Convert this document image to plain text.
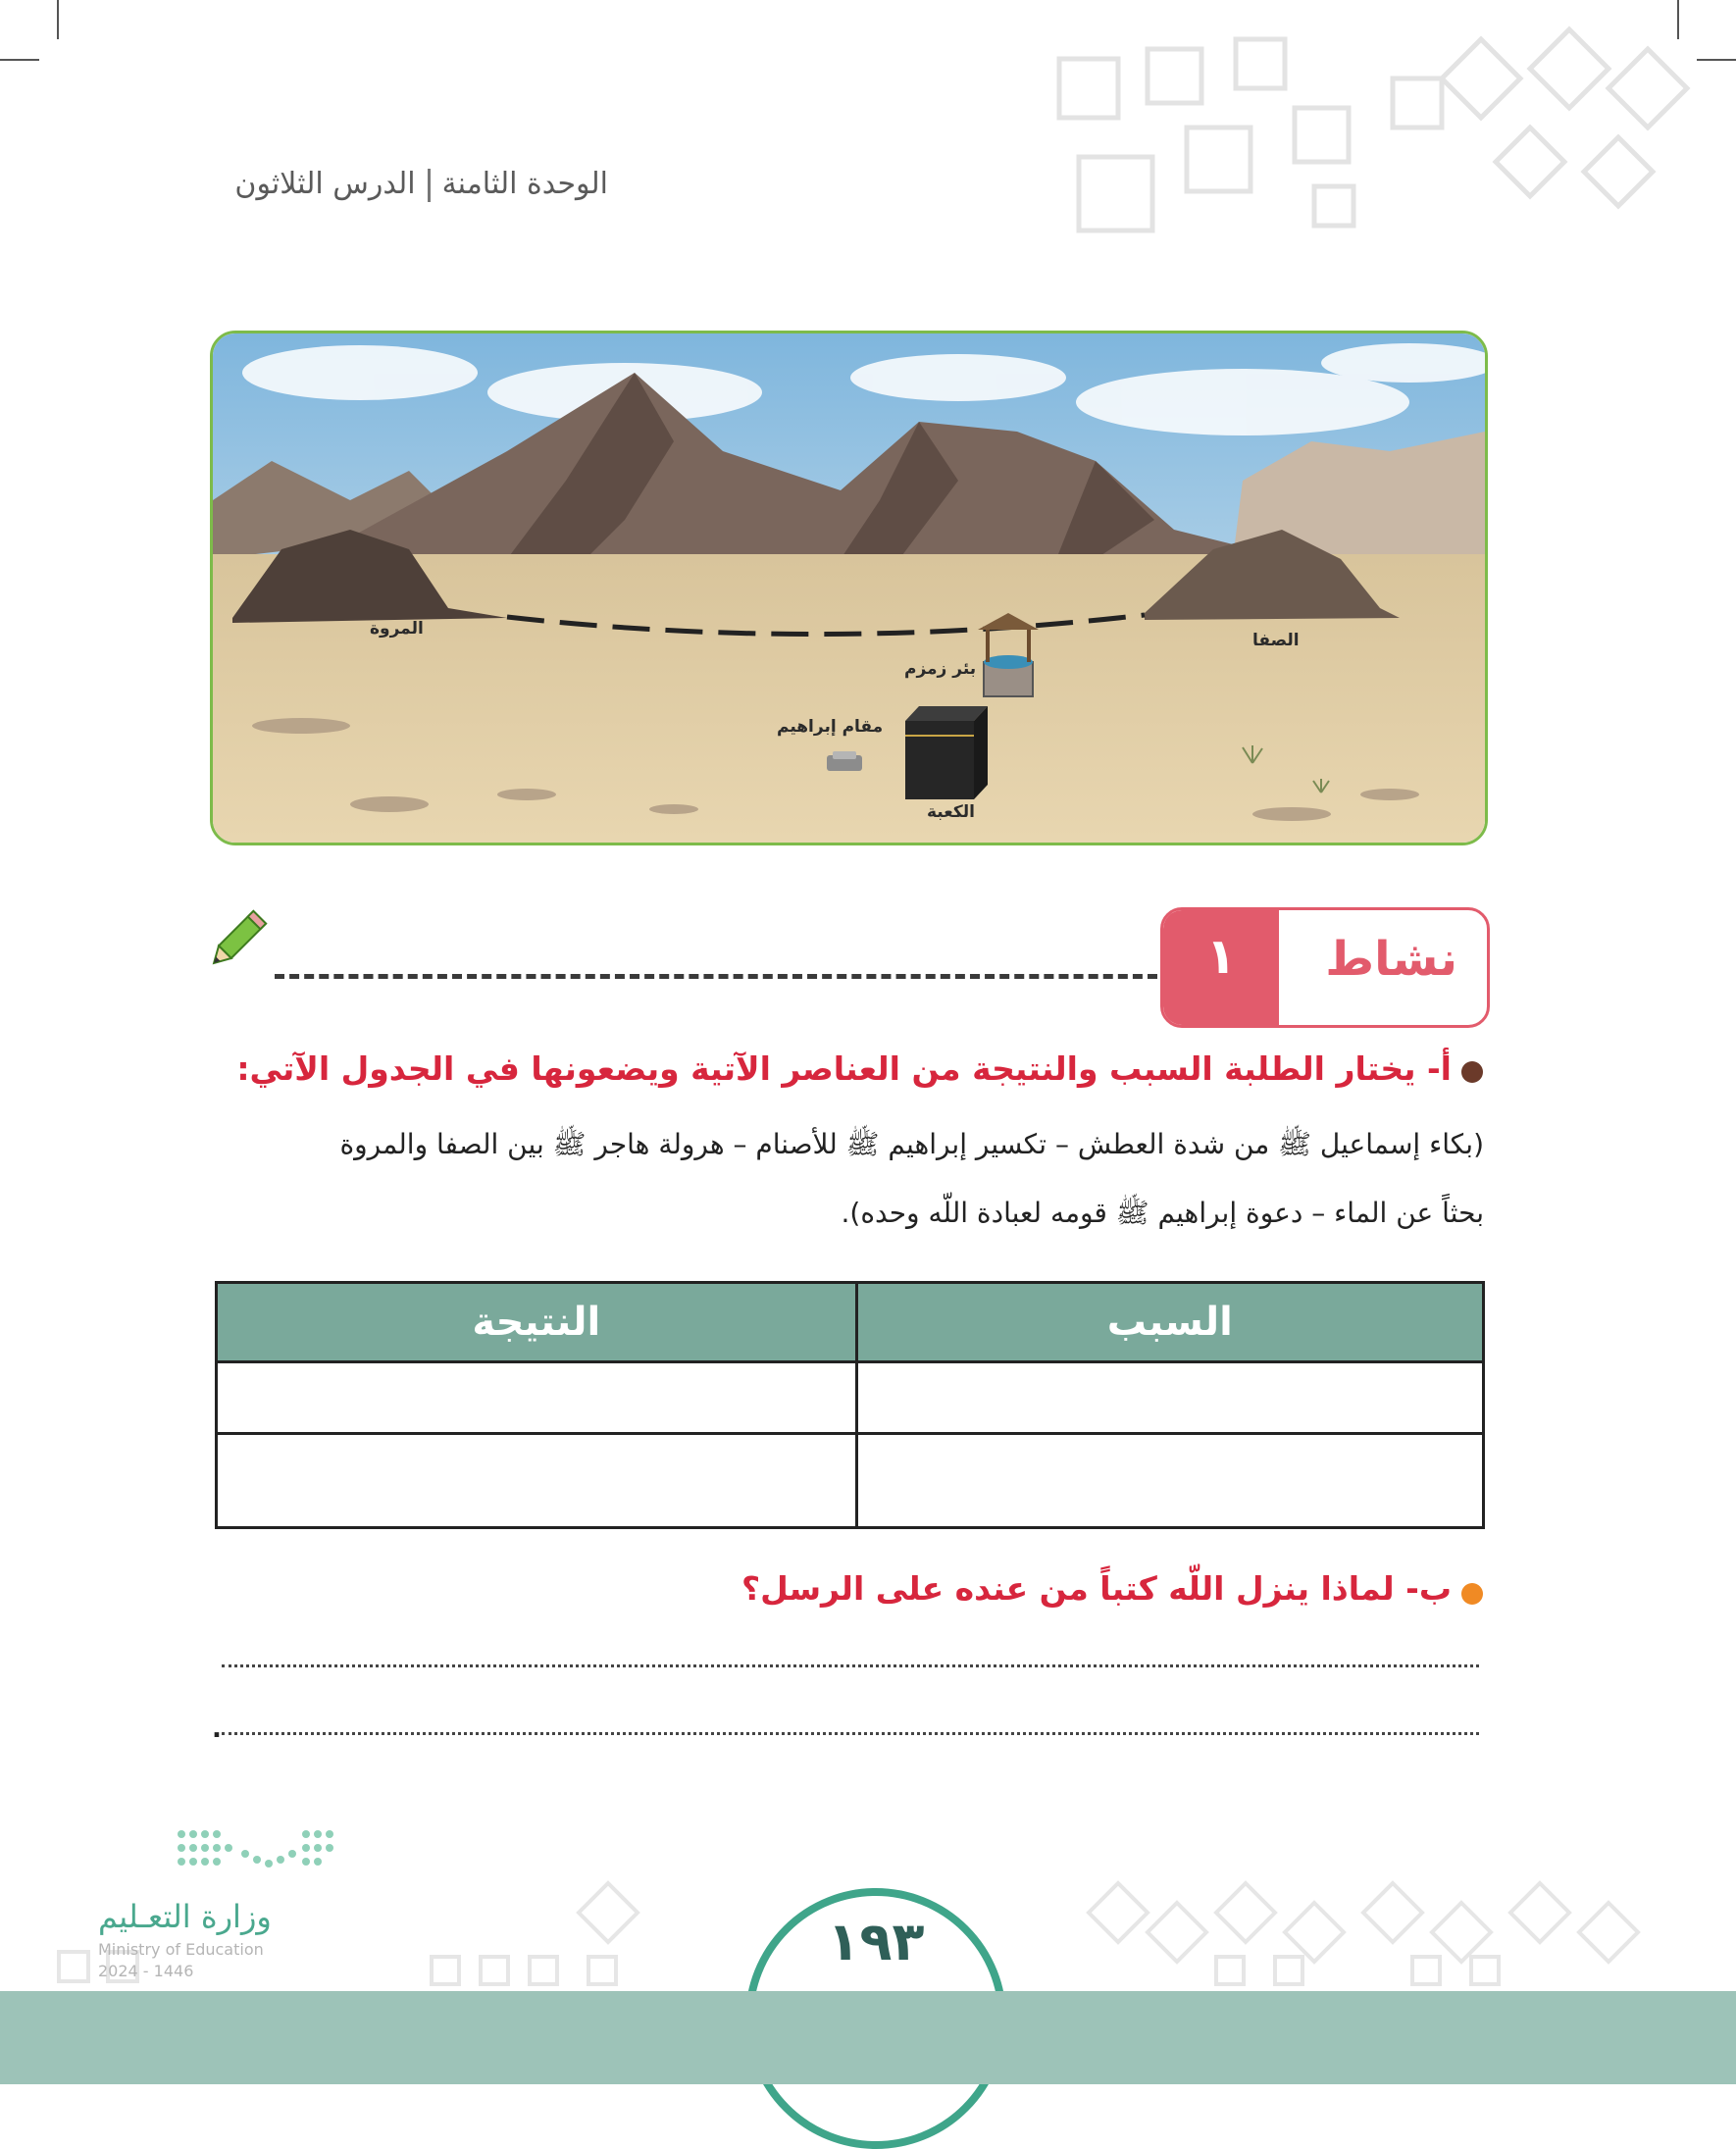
الوحدة الثامنةالدرس الثلاثون
المروة
الصفا
بئر زمزم
مقام إبراهيم
الكعبة
١	نشاط
أ- يختار الطلبة السبب والنتيجة من العناصر الآتية ويضعونها في الجدول الآتي:
(بكاء إسماعيل ﷺ من شدة العطش – تكسير إبراهيم ﷺ للأصنام – هرولة هاجر ﷺ بين الصفا والمروة
بحثاً عن الماء – دعوة إبراهيم ﷺ قومه لعبادة اللّه وحده).
النتيجة	السبب

ب- لماذا ينزل اللّه كتباً من عنده على الرسل؟
.
وزارة التعـليم
Ministry of Education
2024 - 1446	١٩٣
